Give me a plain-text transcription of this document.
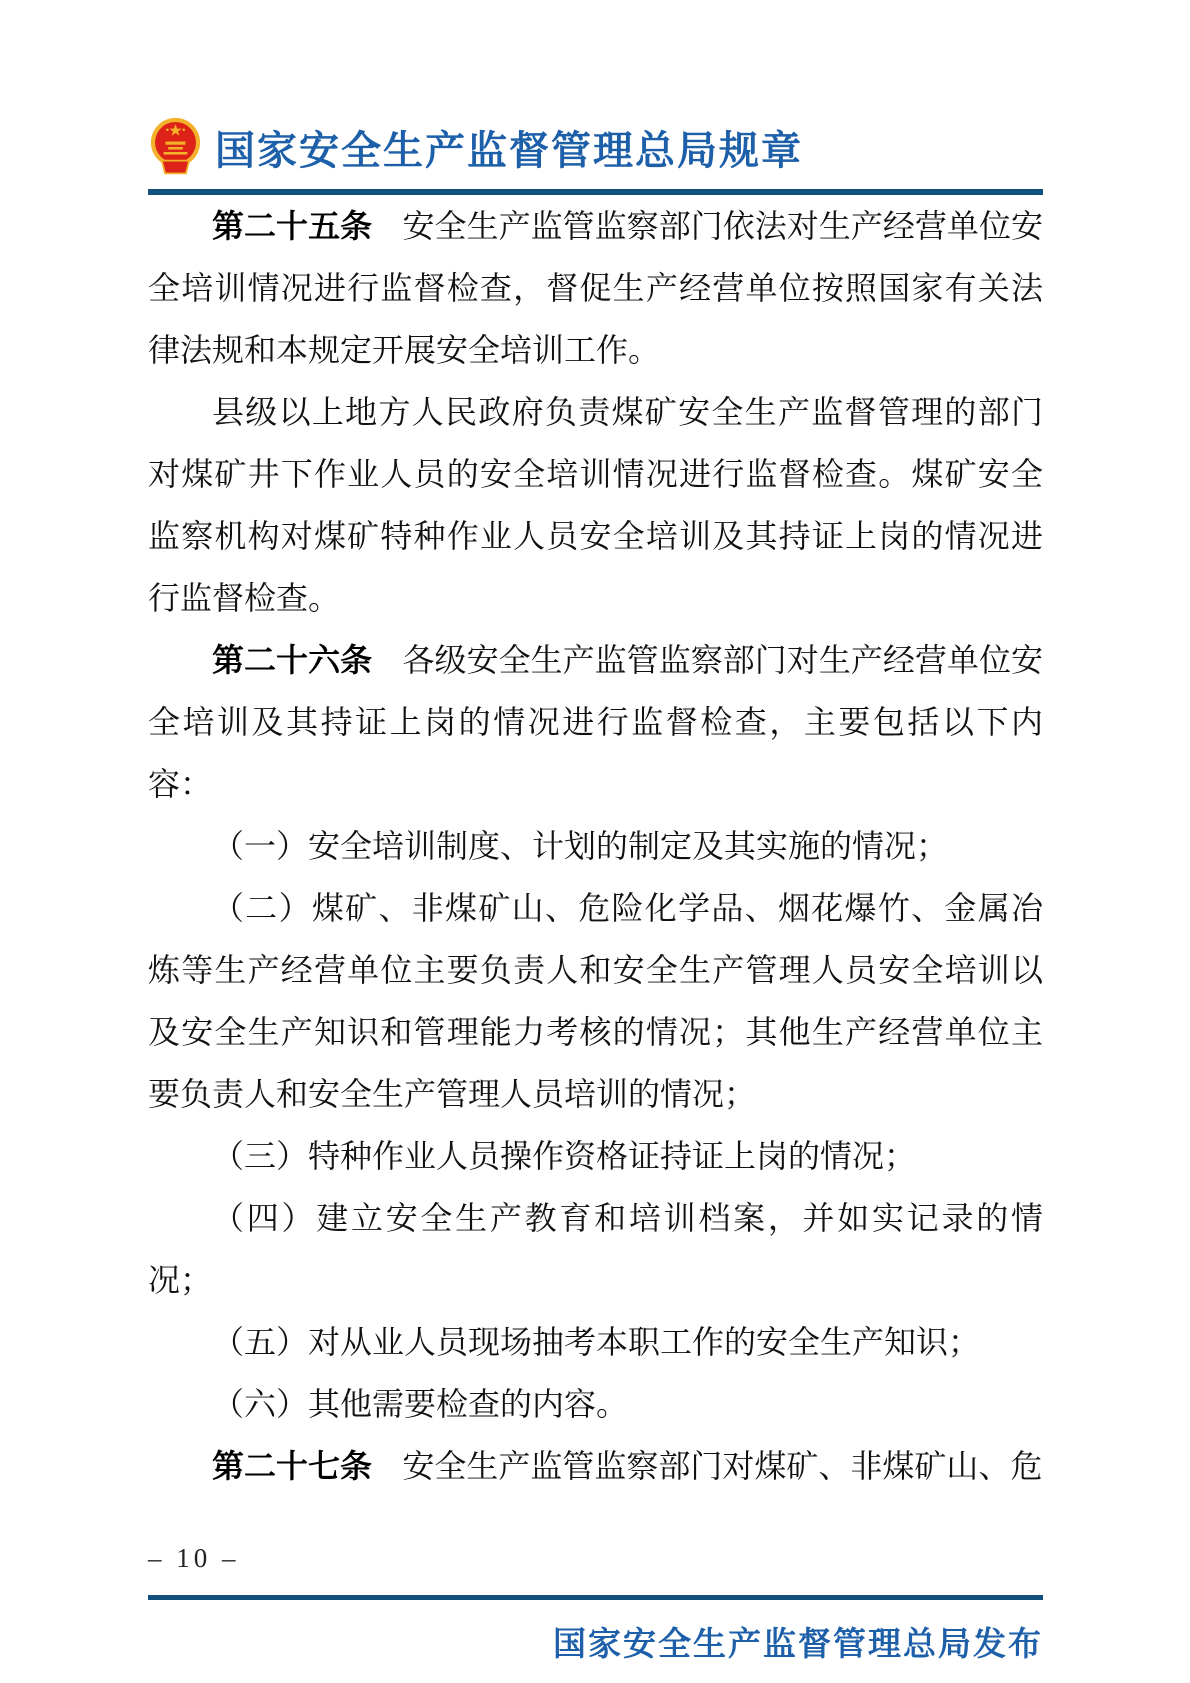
国家安全生产监督管理总局规章

第二十五条 安全生产监管监察部门依法对生产经营单位安全培训情况进行监督检查，督促生产经营单位按照国家有关法律法规和本规定开展安全培训工作。

县级以上地方人民政府负责煤矿安全生产监督管理的部门对煤矿井下作业人员的安全培训情况进行监督检查。煤矿安全监察机构对煤矿特种作业人员安全培训及其持证上岗的情况进行监督检查。

第二十六条 各级安全生产监管监察部门对生产经营单位安全培训及其持证上岗的情况进行监督检查，主要包括以下内容：

（一）安全培训制度、计划的制定及其实施的情况；

（二）煤矿、非煤矿山、危险化学品、烟花爆竹、金属冶炼等生产经营单位主要负责人和安全生产管理人员安全培训以及安全生产知识和管理能力考核的情况；其他生产经营单位主要负责人和安全生产管理人员培训的情况；

（三）特种作业人员操作资格证持证上岗的情况；

（四）建立安全生产教育和培训档案，并如实记录的情况；

（五）对从业人员现场抽考本职工作的安全生产知识；

（六）其他需要检查的内容。

第二十七条 安全生产监管监察部门对煤矿、非煤矿山、危

– 10 –
国家安全生产监督管理总局发布
